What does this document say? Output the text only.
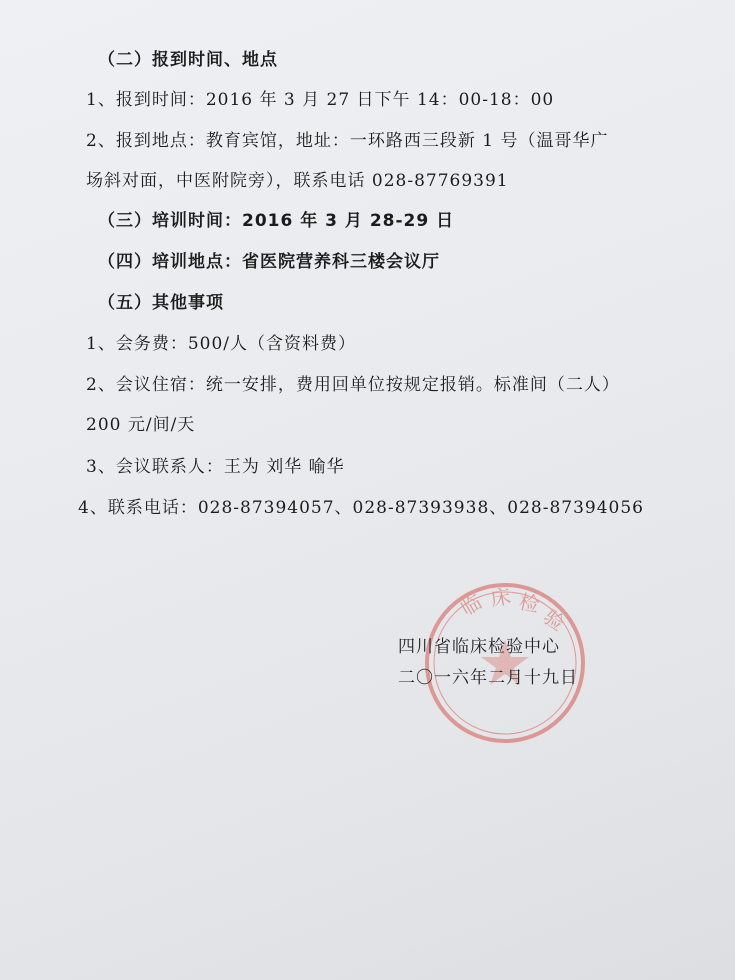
（二）报到时间、地点
1、报到时间：2016 年 3 月 27 日下午 14：00-18：00
2、报到地点：教育宾馆，地址：一环路西三段新 1 号（温哥华广
场斜对面，中医附院旁），联系电话 028-87769391
（三）培训时间：2016 年 3 月 28-29 日
（四）培训地点：省医院营养科三楼会议厅
（五）其他事项
1、会务费：500/人（含资料费）
2、会议住宿：统一安排，费用回单位按规定报销。标准间（二人）
200 元/间/天
3、会议联系人：王为 刘华 喻华
4、联系电话：028-87394057、028-87393938、028-87394056
临 床 检
验
四川省临床检验中心
二〇一六年二月十九日
